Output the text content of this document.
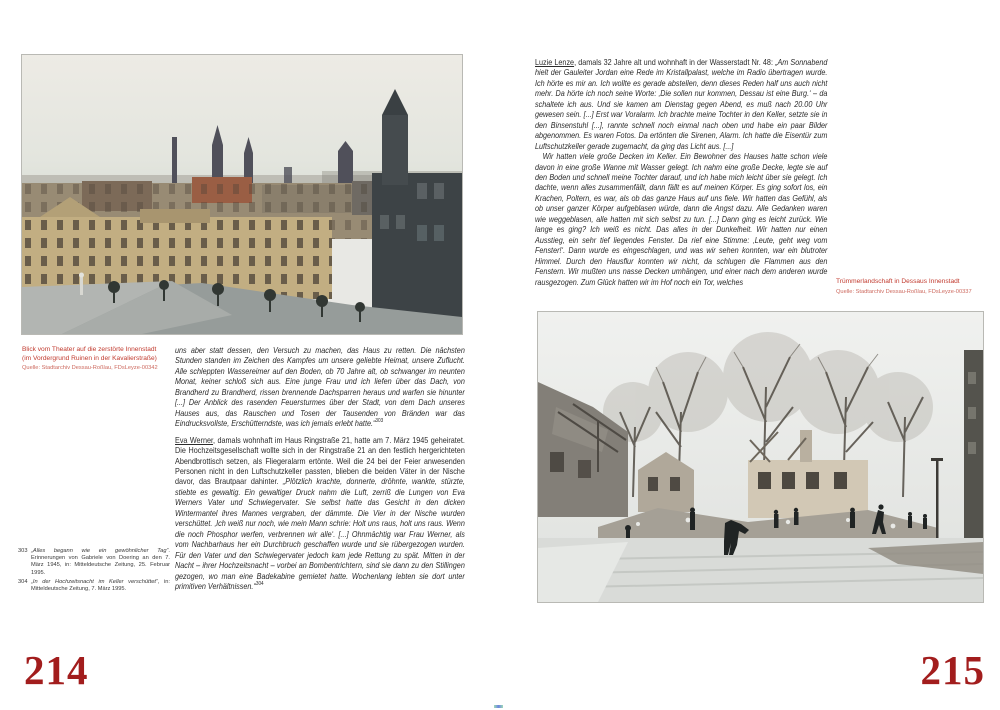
Blick vom Theater auf die zerstörte Innenstadt
(im Vordergrund Ruinen in der Kavalierstraße)
Quelle: Stadtarchiv Dessau-Roßlau, FDsLeyze-00342

uns aber statt dessen, den Versuch zu machen, das Haus zu retten. Die nächsten Stunden standen im Zeichen des Kampfes um unsere geliebte Heimat, unsere Zuflucht. Alle schleppten Wassereimer auf den Boden, ob 70 Jahre alt, ob schwanger im neunten Monat, keiner schloß sich aus. Eine junge Frau und ich liefen über das Dach, von Brandherd zu Brandherd, rissen brennende Dachsparren heraus und warfen sie hinunter [...] Der Anblick des rasenden Feuersturmes über der Stadt, von dem Dach unseres Hauses aus, das Rauschen und Tosen der Tausenden von Bränden war das Eindrucksvollste, Erschütterndste, was ich jemals erlebt hatte.“$^{303}$

Eva Werner, damals wohnhaft im Haus Ringstraße 21, hatte am 7. März 1945 geheiratet. Die Hochzeitsgesellschaft wollte sich in der Ringstraße 21 an den festlich hergerichteten Abendbrottisch setzen, als Fliegeralarm ertönte. Weil die 24 bei der Feier anwesenden Personen nicht in den Luftschutzkeller passten, blieben die beiden Väter in der Nische davor, das Brautpaar dahinter. „Plötzlich krachte, donnerte, dröhnte, wankte, stürzte, stiebte es gewaltig. Ein gewaltiger Druck nahm die Luft, zerriß die Lungen von Eva Werners Vater und Schwiegervater. Sie selbst hatte das Gesicht in den dicken Wintermantel ihres Mannes vergraben, der dämmte. Die Vier in der Nische wurden verschüttet. ‚Ich weiß nur noch, wie mein Mann schrie: Holt uns raus, holt uns raus. Wenn die noch Phosphor werfen, verbrennen wir alle‘. [...] Ohnmächtig war Frau Werner, als vom Nachbarhaus her ein Durchbruch geschaffen wurde und sie rübergezogen wurden. Für den Vater und den Schwiegervater jedoch kam jede Rettung zu spät. Mitten in der Nacht – ihrer Hochzeitsnacht – vorbei an Bombentrichtern, sind sie dann zu den Stillingen gezogen, wo man eine Badekabine gemietet hatte. Wochenlang lebten sie dort unter primitiven Verhältnissen.“$^{304}$

303 „Alles begann wie ein gewöhnlicher Tag“. Erinnerungen von Gabriele von Doering an den 7. März 1945, in: Mitteldeutsche Zeitung, 25. Februar 1995.
304 „In der Hochzeitsnacht im Keller verschüttet“, in: Mitteldeutsche Zeitung, 7. März 1995.
214

Luzie Lenze, damals 32 Jahre alt und wohnhaft in der Wasserstadt Nr. 48: „Am Sonnabend hielt der Gauleiter Jordan eine Rede im Kristallpalast, welche im Radio übertragen wurde. Ich hörte es mir an. Ich wollte es gerade abstellen, denn dieses Reden half uns auch nicht mehr. Da hörte ich noch seine Worte: ‚Die sollen nur kommen, Dessau ist eine Burg.‘ – da schaltete ich aus. Und sie kamen am Dienstag gegen Abend, es muß nach 20.00 Uhr gewesen sein. [...] Erst war Voralarm. Ich brachte meine Tochter in den Keller, setzte sie in den Binsenstuhl [...], rannte schnell noch einmal nach oben und habe ein paar Bilder abgenommen. Es waren Fotos. Da ertönten die Sirenen, Alarm. Ich hatte die Eisentür zum Luftschutzkeller gerade zugemacht, da ging das Licht aus. [...]

Wir hatten viele große Decken im Keller. Ein Bewohner des Hauses hatte schon viele davon in eine große Wanne mit Wasser gelegt. Ich nahm eine große Decke, legte sie auf den Boden und schnell meine Tochter darauf, und ich habe mich leicht über sie gelegt. Ich dachte, wenn alles zusammenfällt, dann fällt es auf meinen Körper. Es ging sofort los, ein Krachen, Poltern, es war, als ob das ganze Haus auf uns fiele. Wir hatten das Gefühl, als ob unser ganzer Körper aufgeblasen würde, dann die Angst dazu. Alle Gedanken waren wie weggeblasen, alle hatten mit sich selbst zu tun. [...] Dann ging es leicht zurück. Wie lange es ging? Ich weiß es nicht. Das alles in der Dunkelheit. Wir hatten nur einen Ausstieg, ein sehr tief liegendes Fenster. Da rief eine Stimme: ‚Leute, geht weg vom Fenster!‘. Dann wurde es eingeschlagen, und was wir sehen konnten, war ein blutroter Himmel. Durch den Hausflur konnten wir nicht, da schlugen die Flammen aus den Fenstern. Wir mußten uns nasse Decken umhängen, und einer nach dem anderen wurde rausgezogen. Zum Glück hatten wir im Hof noch ein Tor, welches	Trümmerlandschaft in Dessaus Innenstadt
Quelle: Stadtarchiv Dessau-Roßlau, FDsLeyze-00337
215
